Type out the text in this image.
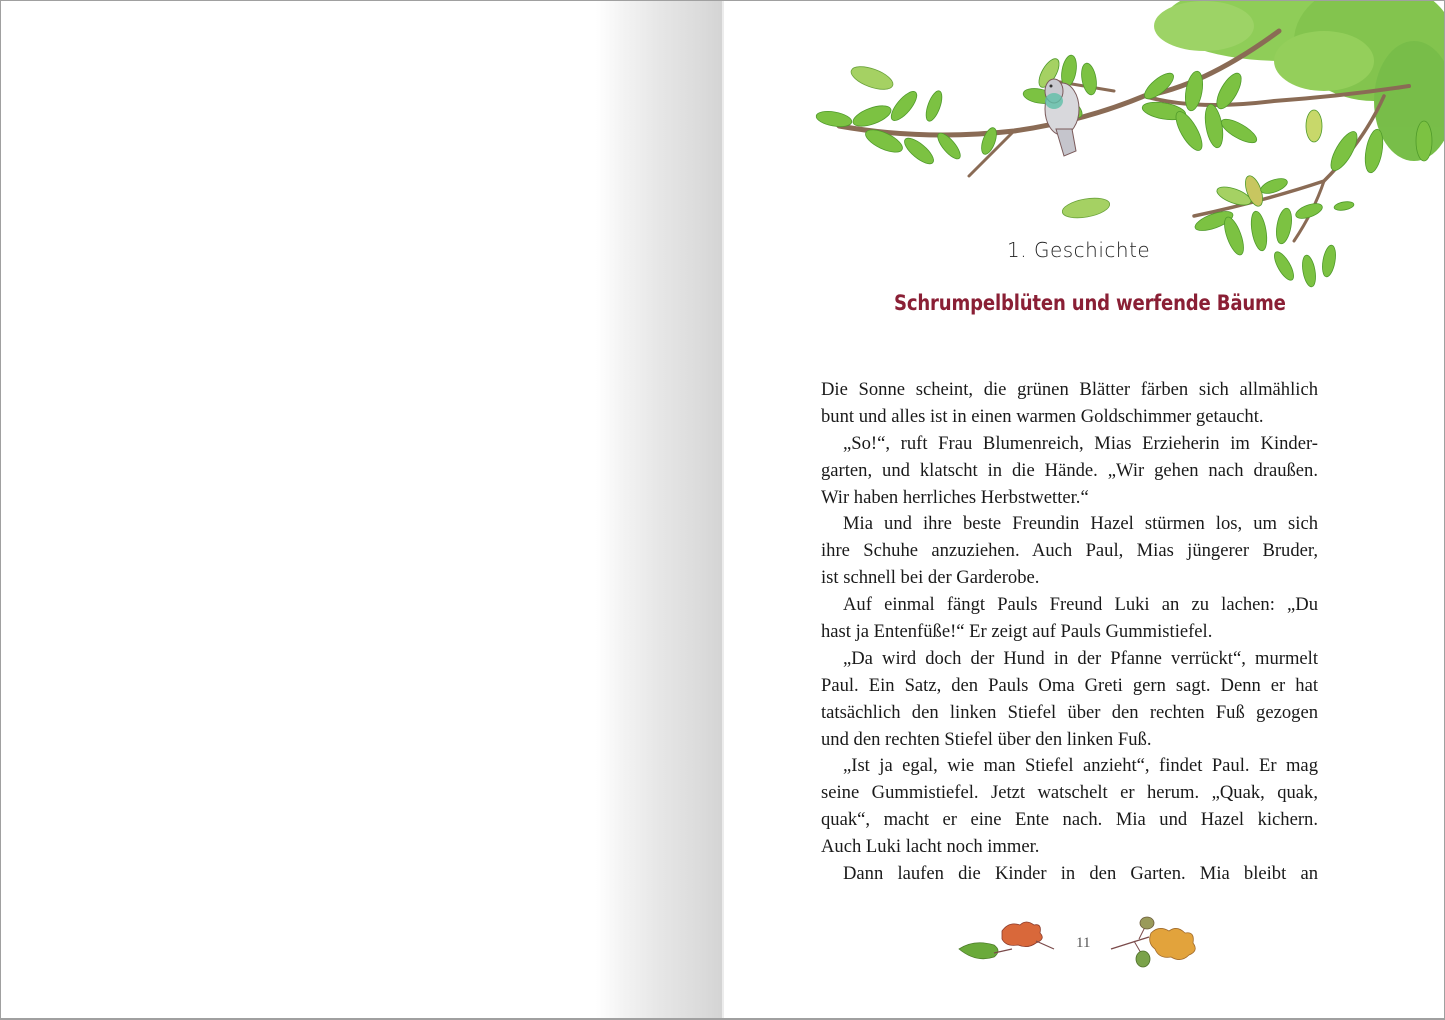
1. Geschichte
Schrumpelblüten und werfende Bäume
Die Sonne scheint, die grünen Blätter färben sich allmählich
bunt und alles ist in einen warmen Goldschimmer getaucht.
„So!“, ruft Frau Blumenreich, Mias Erzieherin im Kinder-
garten, und klatscht in die Hände. „Wir gehen nach draußen.
Wir haben herrliches Herbstwetter.“
Mia und ihre beste Freundin Hazel stürmen los, um sich
ihre Schuhe anzuziehen. Auch Paul, Mias jüngerer Bruder,
ist schnell bei der Garderobe.
Auf einmal fängt Pauls Freund Luki an zu lachen: „Du
hast ja Entenfüße!“ Er zeigt auf Pauls Gummistiefel.
„Da wird doch der Hund in der Pfanne verrückt“, murmelt
Paul. Ein Satz, den Pauls Oma Greti gern sagt. Denn er hat
tatsächlich den linken Stiefel über den rechten Fuß gezogen
und den rechten Stiefel über den linken Fuß.
„Ist ja egal, wie man Stiefel anzieht“, findet Paul. Er mag
seine Gummistiefel. Jetzt watschelt er herum. „Quak, quak,
quak“, macht er eine Ente nach. Mia und Hazel kichern.
Auch Luki lacht noch immer.
Dann laufen die Kinder in den Garten. Mia bleibt an
11
